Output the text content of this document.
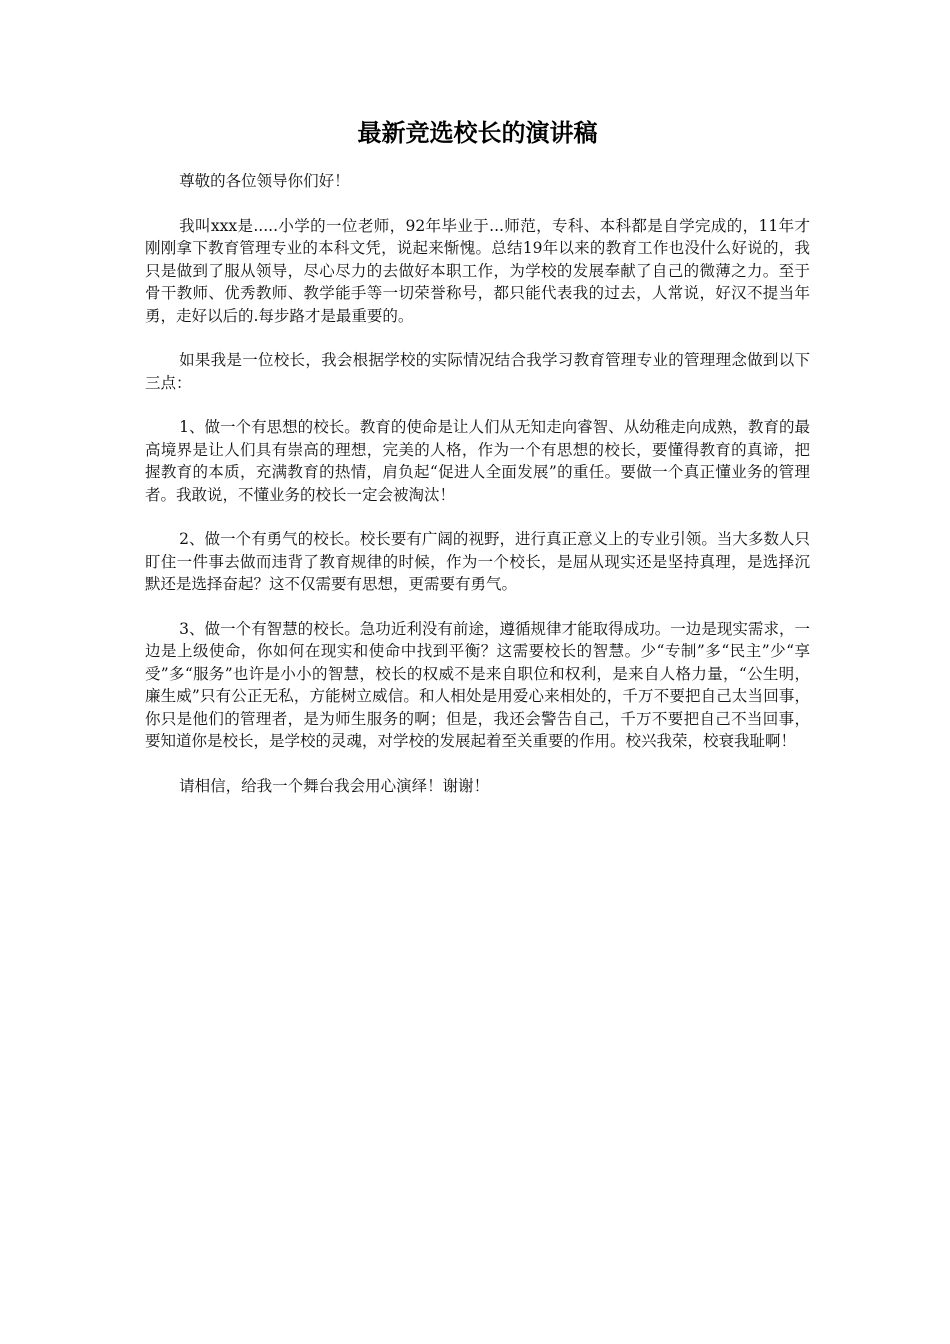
最新竞选校长的演讲稿

尊敬的各位领导你们好！

我叫xxx是.....小学的一位老师，92年毕业于...师范，专科、本科都是自学完成的，11年才刚刚拿下教育管理专业的本科文凭，说起来惭愧。总结19年以来的教育工作也没什么好说的，我只是做到了服从领导，尽心尽力的去做好本职工作，为学校的发展奉献了自己的微薄之力。至于骨干教师、优秀教师、教学能手等一切荣誉称号，都只能代表我的过去，人常说，好汉不提当年勇，走好以后的.每步路才是最重要的。

如果我是一位校长，我会根据学校的实际情况结合我学习教育管理专业的管理理念做到以下三点：

1、做一个有思想的校长。教育的使命是让人们从无知走向睿智、从幼稚走向成熟，教育的最高境界是让人们具有崇高的理想，完美的人格，作为一个有思想的校长，要懂得教育的真谛，把握教育的本质，充满教育的热情，肩负起“促进人全面发展”的重任。要做一个真正懂业务的管理者。我敢说，不懂业务的校长一定会被淘汰！

2、做一个有勇气的校长。校长要有广阔的视野，进行真正意义上的专业引领。当大多数人只盯住一件事去做而违背了教育规律的时候，作为一个校长，是屈从现实还是坚持真理，是选择沉默还是选择奋起？这不仅需要有思想，更需要有勇气。

3、做一个有智慧的校长。急功近利没有前途，遵循规律才能取得成功。一边是现实需求，一边是上级使命，你如何在现实和使命中找到平衡？这需要校长的智慧。少“专制”多“民主”少“享受”多“服务”也许是小小的智慧，校长的权威不是来自职位和权利，是来自人格力量，“公生明，廉生威”只有公正无私，方能树立威信。和人相处是用爱心来相处的，千万不要把自己太当回事，你只是他们的管理者，是为师生服务的啊；但是，我还会警告自己，千万不要把自己不当回事，要知道你是校长，是学校的灵魂，对学校的发展起着至关重要的作用。校兴我荣，校衰我耻啊！

请相信，给我一个舞台我会用心演绎！谢谢！
